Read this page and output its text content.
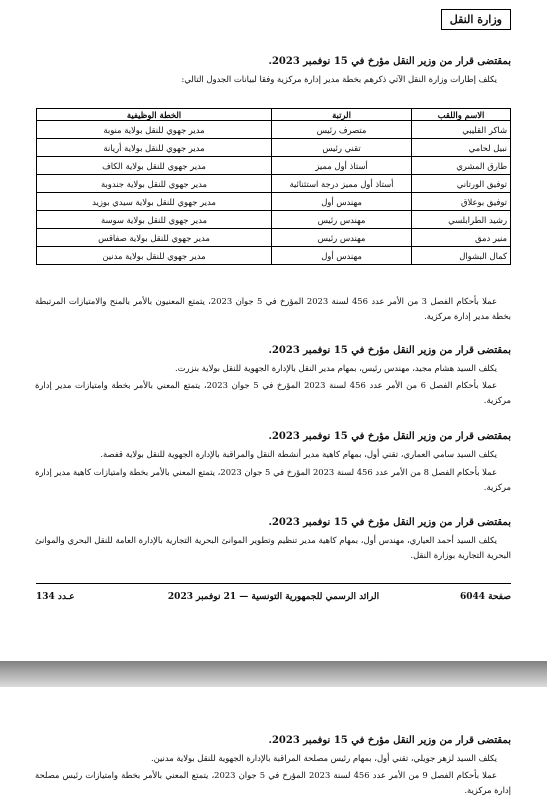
وزارة النقل
بمقتضى قرار من وزير النقل مؤرخ في 15 نوفمبر 2023.
يكلف إطارات وزارة النقل الآتي ذكرهم بخطة مدير إدارة مركزية وفقا لبيانات الجدول التالي:
الاسم واللقب	الرتبة	الخطة الوظيفية
شاكر القليبي	متصرف رئيس	مدير جهوي للنقل بولاية منوبة
نبيل لحامي	تقني رئيس	مدير جهوي للنقل بولاية أريانة
طارق المشري	أستاذ أول مميز	مدير جهوي للنقل بولاية الكاف
توفيق الورتاني	أستاذ أول مميز درجة استثنائية	مدير جهوي للنقل بولاية جندوبة
توفيق بوعلاق	مهندس أول	مدير جهوي للنقل بولاية سيدي بوزيد
رشيد الطرابلسي	مهندس رئيس	مدير جهوي للنقل بولاية سوسة
منير دمق	مهندس رئيس	مدير جهوي للنقل بولاية صفاقس
كمال البشوال	مهندس أول	مدير جهوي للنقل بولاية مدنين
عملا بأحكام الفصل 3 من الأمر عدد 456 لسنة 2023 المؤرخ في 5 جوان 2023، يتمتع المعنيون بالأمر بالمنح والامتيازات المرتبطة بخطة مدير إدارة مركزية.
بمقتضى قرار من وزير النقل مؤرخ في 15 نوفمبر 2023.
يكلف السيد هشام مجيد، مهندس رئيس، بمهام مدير النقل بالإدارة الجهوية للنقل بولاية بنزرت.
عملا بأحكام الفصل 6 من الأمر عدد 456 لسنة 2023 المؤرخ في 5 جوان 2023، يتمتع المعني بالأمر بخطة وامتيازات مدير إدارة مركزية.
بمقتضى قرار من وزير النقل مؤرخ في 15 نوفمبر 2023.
يكلف السيد سامي العماري، تقني أول، بمهام كاهية مدير أنشطة النقل والمراقبة بالإدارة الجهوية للنقل بولاية قفصة.
عملا بأحكام الفصل 8 من الأمر عدد 456 لسنة 2023 المؤرخ في 5 جوان 2023، يتمتع المعني بالأمر بخطة وامتيازات كاهية مدير إدارة مركزية.
بمقتضى قرار من وزير النقل مؤرخ في 15 نوفمبر 2023.
يكلف السيد أحمد العياري، مهندس أول، بمهام كاهية مدير تنظيم وتطوير الموانئ البحرية التجارية بالإدارة العامة للنقل البحري والموانئ البحرية التجارية بوزارة النقل.
صفحة 6044
الرائد الرسمي للجمهورية التونسية — 21 نوفمبر 2023
عـدد 134
بمقتضى قرار من وزير النقل مؤرخ في 15 نوفمبر 2023.
يكلف السيد لزهر جويلي، تقني أول، بمهام رئيس مصلحة المراقبة بالإدارة الجهوية للنقل بولاية مدنين.
عملا بأحكام الفصل 9 من الأمر عدد 456 لسنة 2023 المؤرخ في 5 جوان 2023، يتمتع المعني بالأمر بخطة وامتيازات رئيس مصلحة إدارة مركزية.
